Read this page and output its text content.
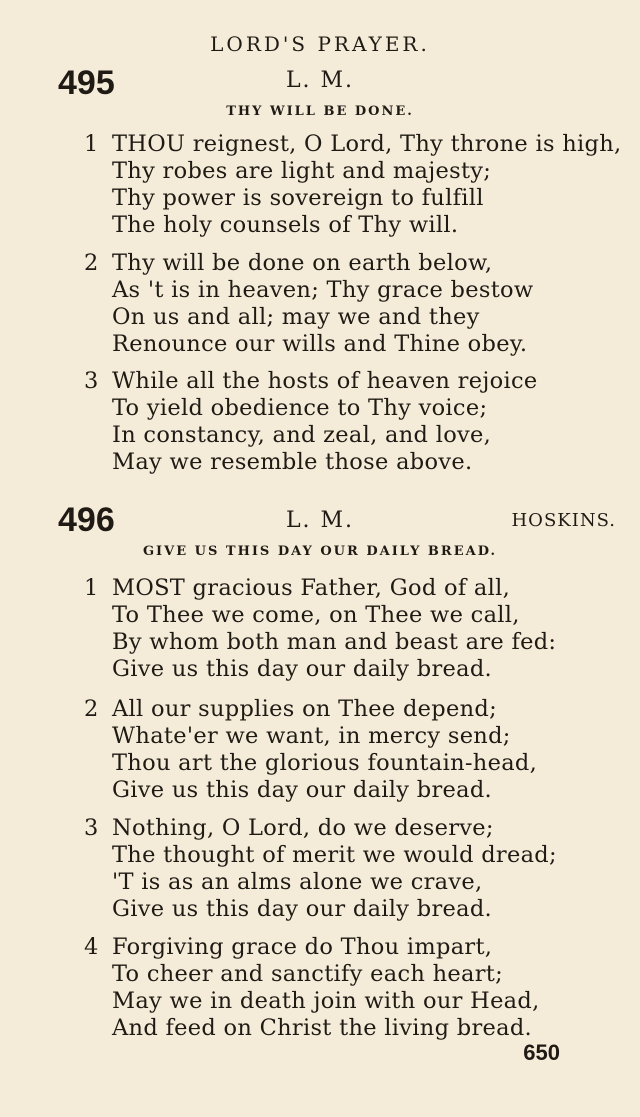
LORD'S PRAYER.
495	L. M.
THY WILL BE DONE.
1 THOU reignest, O Lord, Thy throne is high,
Thy robes are light and majesty;
Thy power is sovereign to fulfill
The holy counsels of Thy will.
2 Thy will be done on earth below,
As 't is in heaven; Thy grace bestow
On us and all; may we and they
Renounce our wills and Thine obey.
3 While all the hosts of heaven rejoice
To yield obedience to Thy voice;
In constancy, and zeal, and love,
May we resemble those above.
496	L. M.	HOSKINS.
GIVE US THIS DAY OUR DAILY BREAD.
1 MOST gracious Father, God of all,
To Thee we come, on Thee we call,
By whom both man and beast are fed:
Give us this day our daily bread.
2 All our supplies on Thee depend;
Whate'er we want, in mercy send;
Thou art the glorious fountain-head,
Give us this day our daily bread.
3 Nothing, O Lord, do we deserve;
The thought of merit we would dread;
'T is as an alms alone we crave,
Give us this day our daily bread.
4 Forgiving grace do Thou impart,
To cheer and sanctify each heart;
May we in death join with our Head,
And feed on Christ the living bread.
650
